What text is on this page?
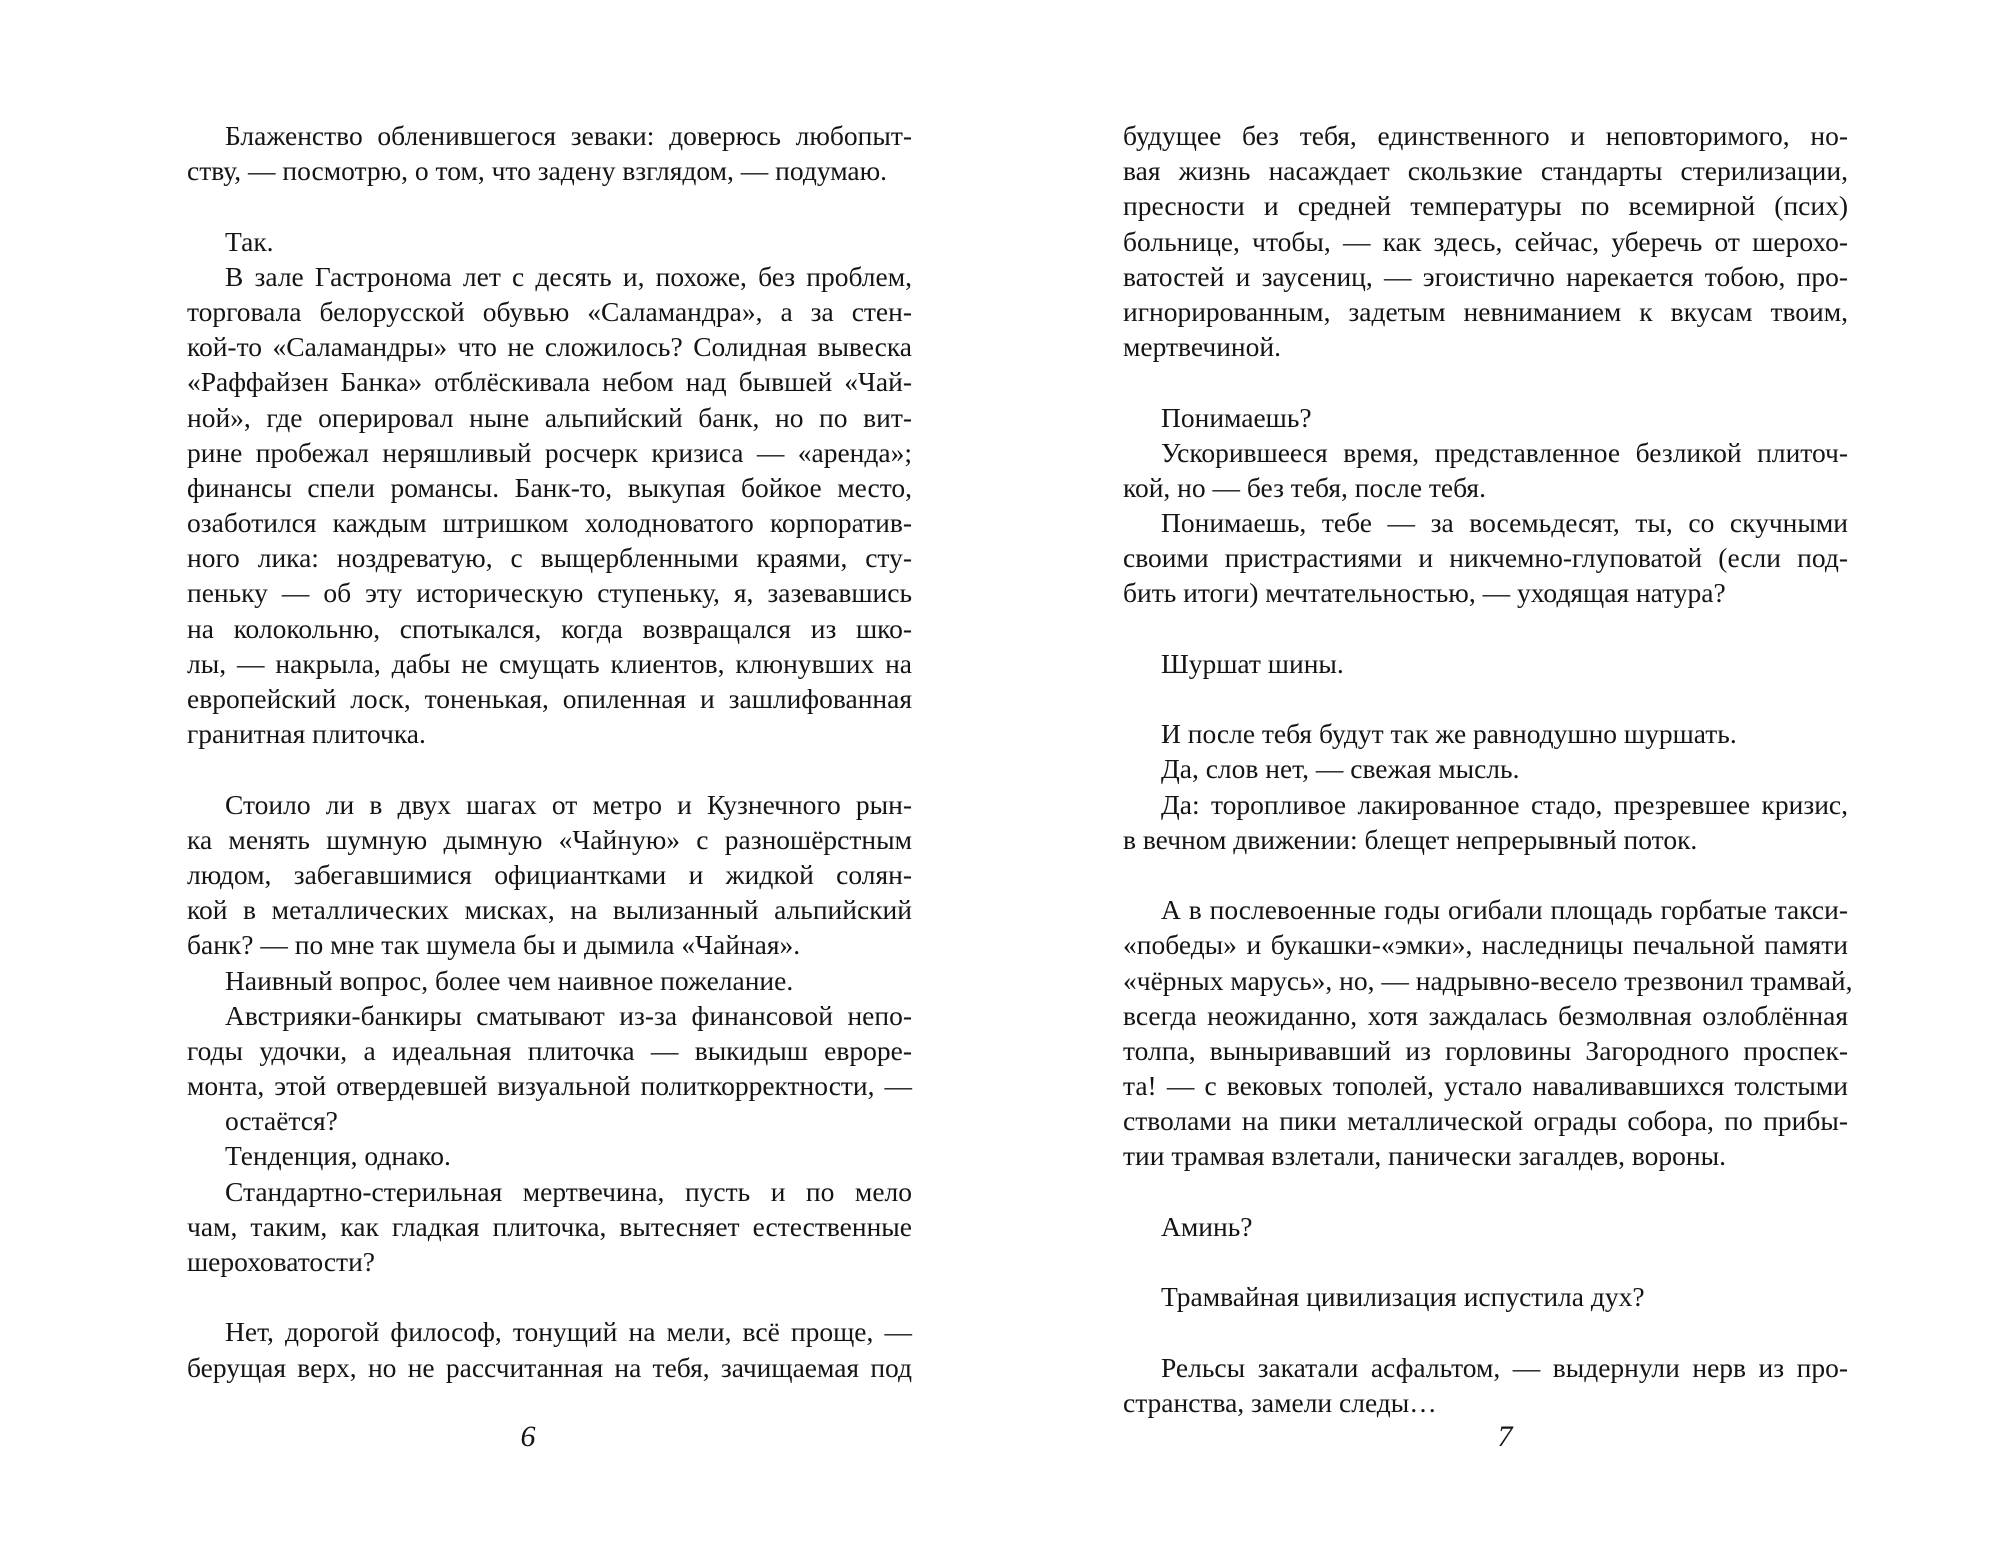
Блаженство обленившегося зеваки: доверюсь любопыт-
ству, — посмотрю, о том, что задену взглядом, — подумаю.
Так.
В зале Гастронома лет с десять и, похоже, без проблем,
торговала белорусской обувью «Саламандра», а за стен-
кой-то «Саламандры» что не сложилось? Солидная вывеска
«Раффайзен Банка» отблёскивала небом над бывшей «Чай-
ной», где оперировал ныне альпийский банк, но по вит-
рине пробежал неряшливый росчерк кризиса — «аренда»;
финансы спели романсы. Банк-то, выкупая бойкое место,
озаботился каждым штришком холодноватого корпоратив-
ного лика: ноздреватую, с выщербленными краями, сту-
пеньку — об эту историческую ступеньку, я, зазевавшись
на колокольню, спотыкался, когда возвращался из шко-
лы, — накрыла, дабы не смущать клиентов, клюнувших на
европейский лоск, тоненькая, опиленная и зашлифованная
гранитная плиточка.
Стоило ли в двух шагах от метро и Кузнечного рын-
ка менять шумную дымную «Чайную» с разношёрстным
людом, забегавшимися официантками и жидкой солян-
кой в металлических мисках, на вылизанный альпийский
банк? — по мне так шумела бы и дымила «Чайная».
Наивный вопрос, более чем наивное пожелание.
Австрияки-банкиры сматывают из-за финансовой непо-
годы удочки, а идеальная плиточка — выкидыш евроре-
монта, этой отвердевшей визуальной политкорректности, —
остаётся?
Тенденция, однако.
Стандартно-стерильная мертвечина, пусть и по мело
чам, таким, как гладкая плиточка, вытесняет естественные
шероховатости?
Нет, дорогой философ, тонущий на мели, всё проще, —
берущая верх, но не рассчитанная на тебя, зачищаемая под
6
будущее без тебя, единственного и неповторимого, но-
вая жизнь насаждает скользкие стандарты стерилизации,
пресности и средней температуры по всемирной (псих)
больнице, чтобы, — как здесь, сейчас, уберечь от шерохо-
ватостей и заусениц, — эгоистично нарекается тобою, про-
игнорированным, задетым невниманием к вкусам твоим,
мертвечиной.
Понимаешь?
Ускорившееся время, представленное безликой плиточ-
кой, но — без тебя, после тебя.
Понимаешь, тебе — за восемьдесят, ты, со скучными
своими пристрастиями и никчемно-глуповатой (если под-
бить итоги) мечтательностью, — уходящая натура?
Шуршат шины.
И после тебя будут так же равнодушно шуршать.
Да, слов нет, — свежая мысль.
Да: торопливое лакированное стадо, презревшее кризис,
в вечном движении: блещет непрерывный поток.
А в послевоенные годы огибали площадь горбатые такси-
«победы» и букашки-«эмки», наследницы печальной памяти
«чёрных марусь», но, — надрывно-весело трезвонил трамвай,
всегда неожиданно, хотя заждалась безмолвная озлоблённая
толпа, выныривавший из горловины Загородного проспек-
та! — с вековых тополей, устало наваливавшихся толстыми
стволами на пики металлической ограды собора, по прибы-
тии трамвая взлетали, панически загалдев, вороны.
Аминь?
Трамвайная цивилизация испустила дух?
Рельсы закатали асфальтом, — выдернули нерв из про-
странства, замели следы…
7
